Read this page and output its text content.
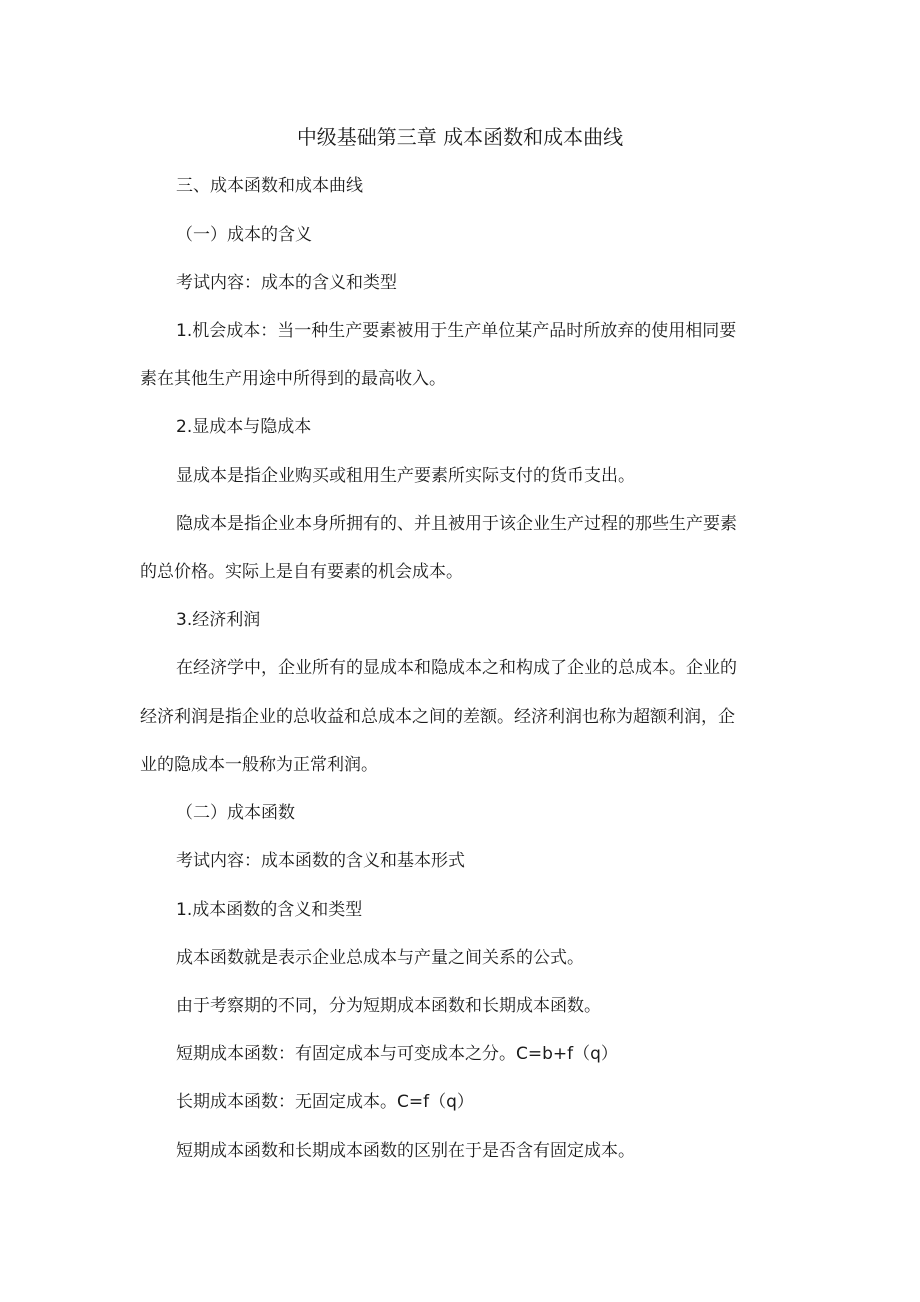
中级基础第三章 成本函数和成本曲线
三、成本函数和成本曲线
（一）成本的含义
考试内容：成本的含义和类型
1.机会成本：当一种生产要素被用于生产单位某产品时所放弃的使用相同要
素在其他生产用途中所得到的最高收入。
2.显成本与隐成本
显成本是指企业购买或租用生产要素所实际支付的货币支出。
隐成本是指企业本身所拥有的、并且被用于该企业生产过程的那些生产要素
的总价格。实际上是自有要素的机会成本。
3.经济利润
在经济学中，企业所有的显成本和隐成本之和构成了企业的总成本。企业的
经济利润是指企业的总收益和总成本之间的差额。经济利润也称为超额利润，企
业的隐成本一般称为正常利润。
（二）成本函数
考试内容：成本函数的含义和基本形式
1.成本函数的含义和类型
成本函数就是表示企业总成本与产量之间关系的公式。
由于考察期的不同，分为短期成本函数和长期成本函数。
短期成本函数：有固定成本与可变成本之分。C=b+f（q）
长期成本函数：无固定成本。C=f（q）
短期成本函数和长期成本函数的区别在于是否含有固定成本。
